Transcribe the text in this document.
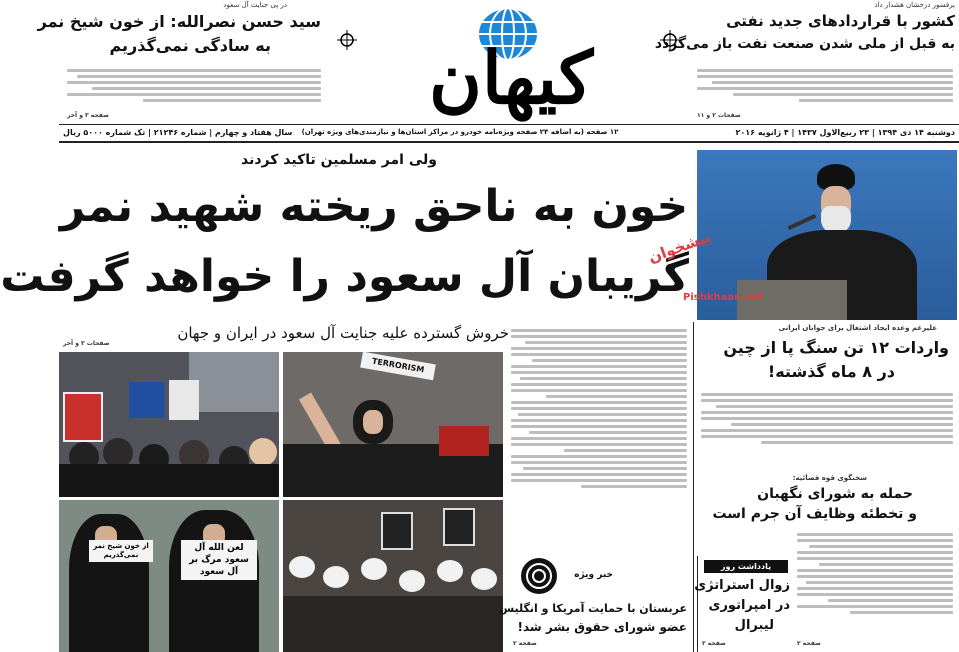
در پی جنایت آل سعود
سید حسن نصرالله: از خون شیخ نمر
به سادگی نمی‌گذریم
صفحه ۳ و آخر	کیهان
پرفسور درخشان هشدار داد
کشور با قراردادهای جدید نفتی
به قبل از ملی شدن صنعت نفت باز می‌گردد
صفحات ۲ و ۱۱
دوشنبه ۱۴ دی ۱۳۹۴ | ۲۳ ربیع‌الاول ۱۴۳۷ | ۴ ژانویه ۲۰۱۶
۱۲ صفحه (به اضافه ۲۴ صفحه ویژه‌نامه خودرو در مراکز استان‌ها و نیازمندی‌های ویژه تهران)
سال هفتاد و چهارم | شماره ۲۱۲۴۶ | تک شماره ۵۰۰۰ ریال
ولی امر مسلمین تاکید کردند
خون به ناحق ریخته شهید نمر
گریبان آل سعود را خواهد گرفت
خروش گسترده علیه جنایت آل سعود در ایران و جهان
صفحات ۳ و آخر
پیشخوان
Pishkhaan.net
TERRORISM
از خون شیخ نمر نمی‌گذریم
لعن الله آل سعود مرگ بر آل سعود	خبر ویژه
عربستان با حمایت آمریکا و انگلیس
عضو شورای حقوق بشر شد!
صفحه ۲
علیرغم وعده ایجاد اشتغال برای جوانان ایرانی
واردات ۱۲ تن سنگ پا از چین
در ۸ ماه گذشته!
سخنگوی قوه قضائیه:
حمله به شورای نگهبان
و تخطئه وظایف آن جرم است
صفحه ۲
یادداشت روز
زوال استراتژی
در امپراتوری
لیبرال
صفحه ۲
